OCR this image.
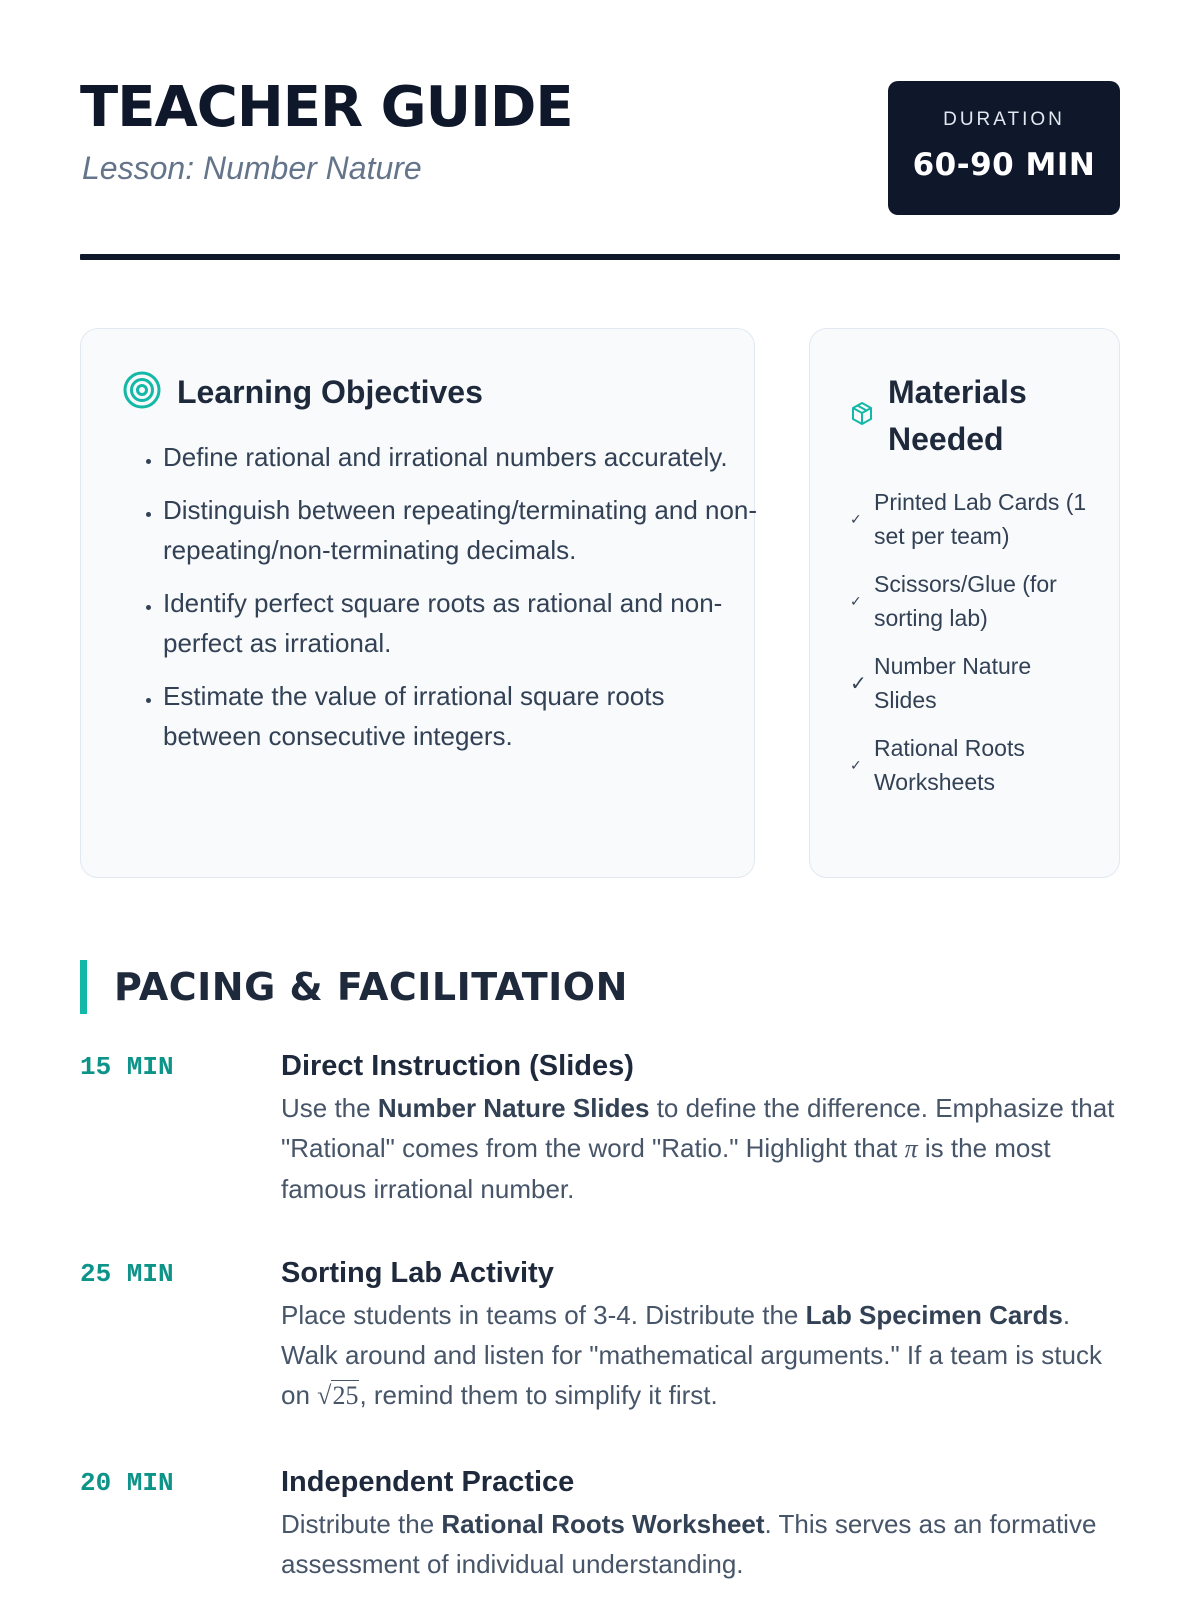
TEACHER GUIDE

Lesson: Number Nature

DURATION
60-90 MIN
Learning Objectives
• Define rational and irrational numbers accurately.
• Distinguish between repeating/terminating and non-repeating/non-terminating decimals.
• Identify perfect square roots as rational and non-perfect as irrational.
• Estimate the value of irrational square roots between consecutive integers.
Materials Needed
✓
Printed Lab Cards (1 set per team)
✓
Scissors/Glue (for sorting lab)
✓
Number Nature Slides
✓
Rational Roots Worksheets
PACING & FACILITATION
15 MIN	Direct Instruction (Slides)

Use the Number Nature Slides to define the difference. Emphasize that "Rational" comes from the word "Ratio." Highlight that π is the most famous irrational number.

25 MIN	Sorting Lab Activity

Place students in teams of 3-4. Distribute the Lab Specimen Cards. Walk around and listen for "mathematical arguments." If a team is stuck on √25, remind them to simplify it first.

20 MIN	Independent Practice

Distribute the Rational Roots Worksheet. This serves as an formative assessment of individual understanding.
